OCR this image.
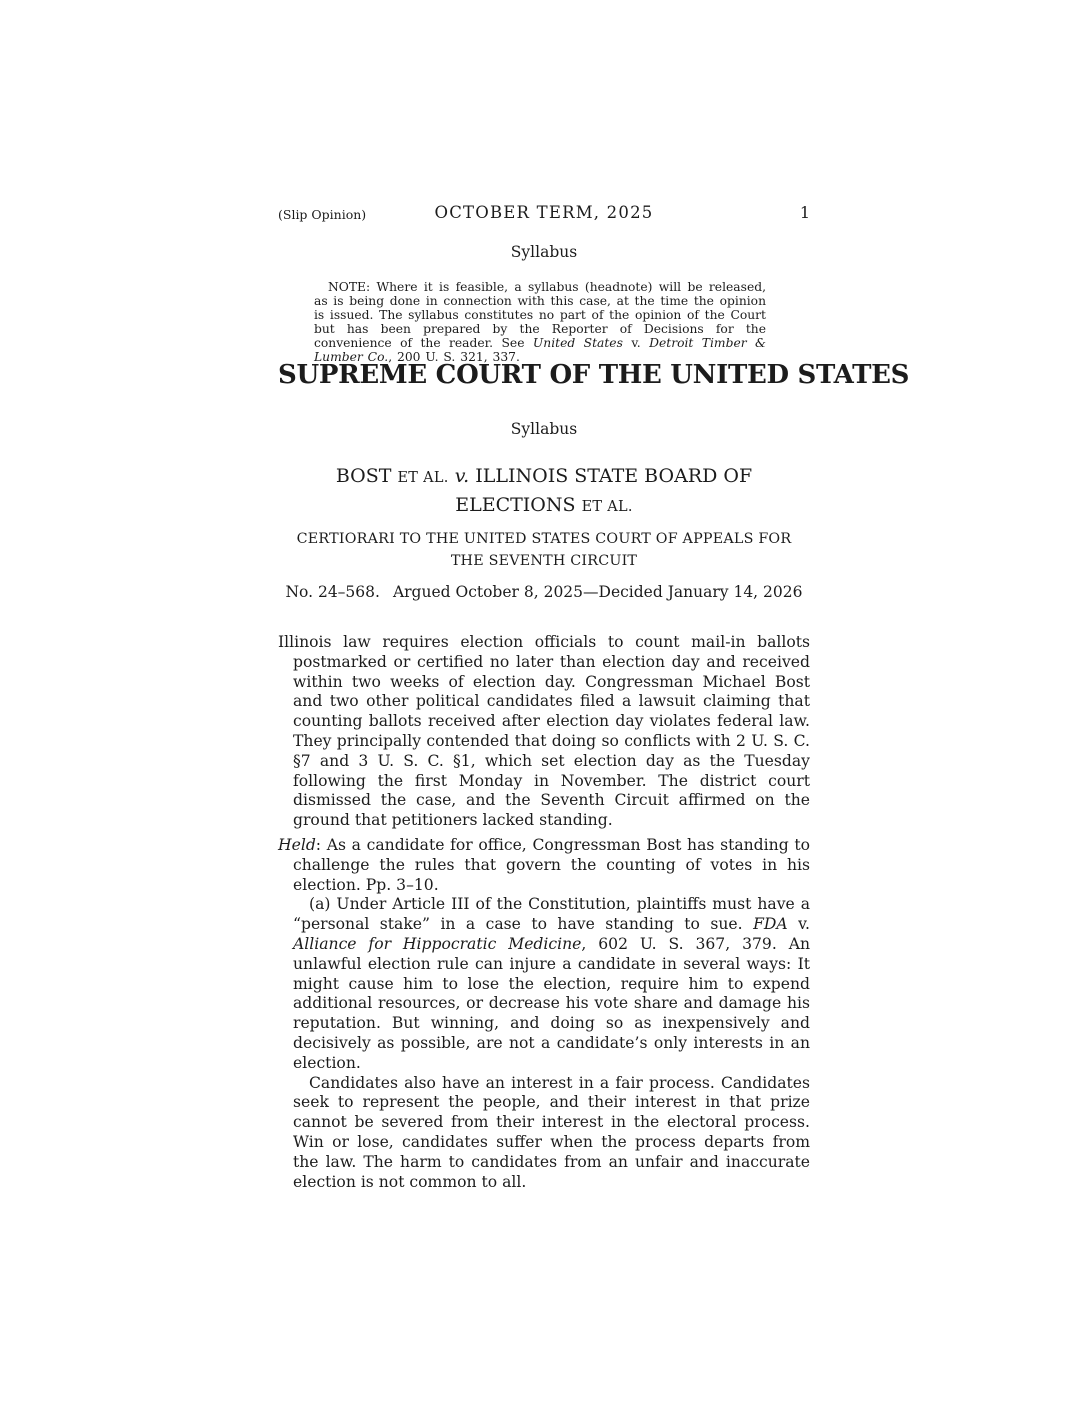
(Slip Opinion)	OCTOBER TERM, 2025	1
Syllabus
NOTE: Where it is feasible, a syllabus (headnote) will be released, as is being done in connection with this case, at the time the opinion is issued. The syllabus constitutes no part of the opinion of the Court but has been prepared by the Reporter of Decisions for the convenience of the reader. See United States v. Detroit Timber & Lumber Co., 200 U. S. 321, 337.
SUPREME COURT OF THE UNITED STATES
Syllabus
BOST ET AL. v. ILLINOIS STATE BOARD OF
ELECTIONS ET AL.
CERTIORARI TO THE UNITED STATES COURT OF APPEALS FOR
THE SEVENTH CIRCUIT
No. 24–568. Argued October 8, 2025—Decided January 14, 2026

Illinois law requires election officials to count mail-in ballots postmarked or certified no later than election day and received within two weeks of election day. Congressman Michael Bost and two other political candidates filed a lawsuit claiming that counting ballots received after election day violates federal law. They principally contended that doing so conflicts with 2 U. S. C. §7 and 3 U. S. C. §1, which set election day as the Tuesday following the first Monday in November. The district court dismissed the case, and the Seventh Circuit affirmed on the ground that petitioners lacked standing.

Held: As a candidate for office, Congressman Bost has standing to challenge the rules that govern the counting of votes in his election. Pp. 3–10.

(a) Under Article III of the Constitution, plaintiffs must have a “personal stake” in a case to have standing to sue. FDA v. Alliance for Hippocratic Medicine, 602 U. S. 367, 379. An unlawful election rule can injure a candidate in several ways: It might cause him to lose the election, require him to expend additional resources, or decrease his vote share and damage his reputation. But winning, and doing so as inexpensively and decisively as possible, are not a candidate’s only interests in an election.

Candidates also have an interest in a fair process. Candidates seek to represent the people, and their interest in that prize cannot be severed from their interest in the electoral process. Win or lose, candidates suffer when the process departs from the law. The harm to candidates from an unfair and inaccurate election is not common to all.
